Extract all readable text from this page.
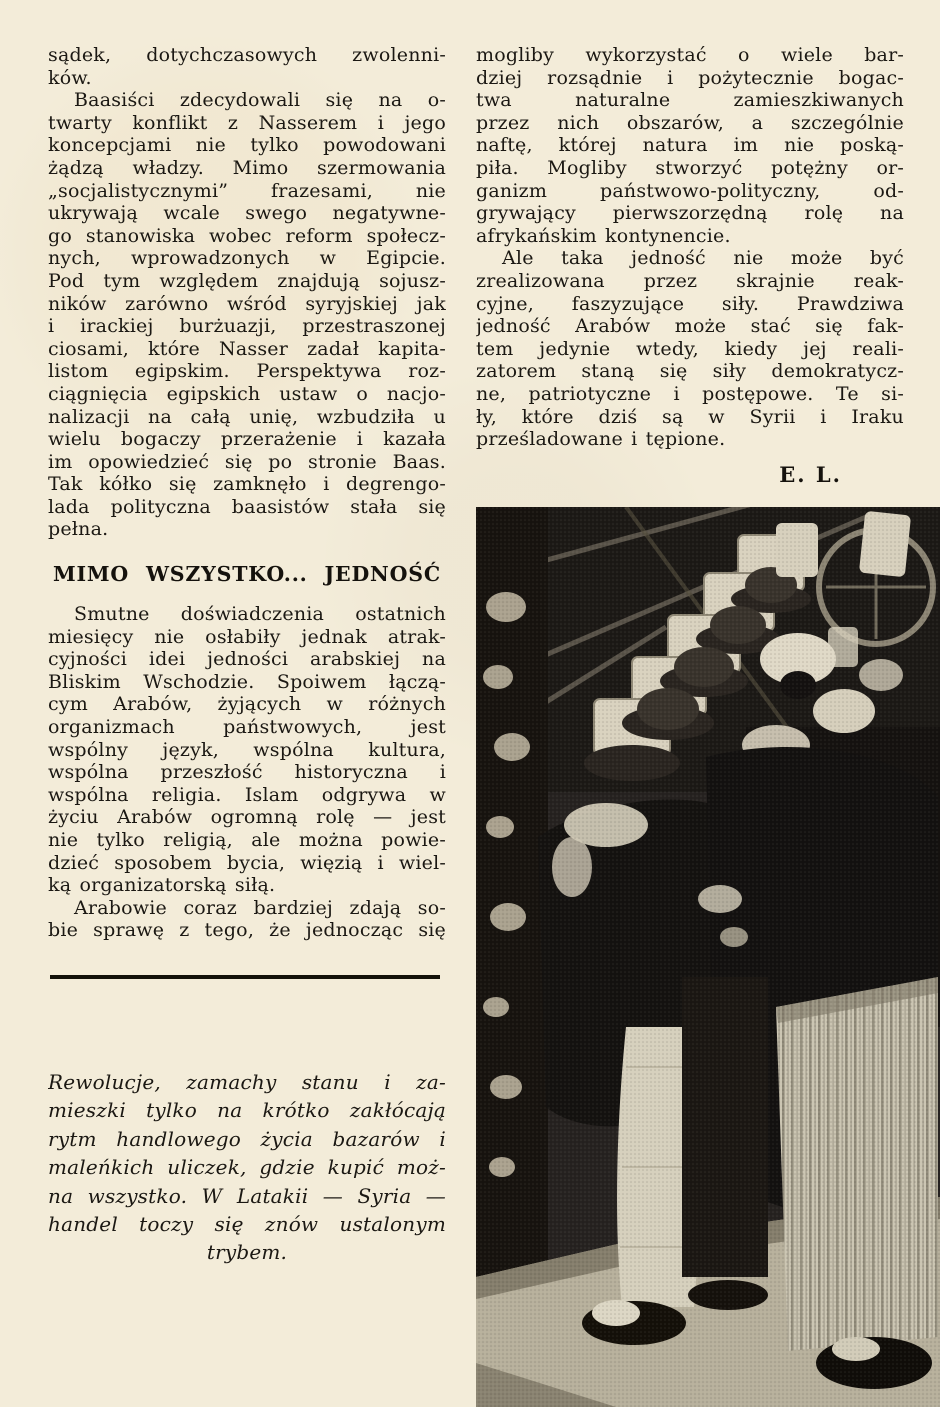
sądek, dotychczasowych zwolenni-
ków.
Baasiści zdecydowali się na o-
twarty konflikt z Nasserem i jego
koncepcjami nie tylko powodowani
żądzą władzy. Mimo szermowania
„socjalistycznymi” frazesami, nie
ukrywają wcale swego negatywne-
go stanowiska wobec reform społecz-
nych, wprowadzonych w Egipcie.
Pod tym względem znajdują sojusz-
ników zarówno wśród syryjskiej jak
i irackiej burżuazji, przestraszonej
ciosami, które Nasser zadał kapita-
listom egipskim. Perspektywa roz-
ciągnięcia egipskich ustaw o nacjo-
nalizacji na całą unię, wzbudziła u
wielu bogaczy przerażenie i kazała
im opowiedzieć się po stronie Baas.
Tak kółko się zamknęło i degrengo-
lada polityczna baasistów stała się
pełna.
MIMO WSZYSTKO... JEDNOŚĆ
Smutne doświadczenia ostatnich
miesięcy nie osłabiły jednak atrak-
cyjności idei jedności arabskiej na
Bliskim Wschodzie. Spoiwem łączą-
cym Arabów, żyjących w różnych
organizmach państwowych, jest
wspólny język, wspólna kultura,
wspólna przeszłość historyczna i
wspólna religia. Islam odgrywa w
życiu Arabów ogromną rolę — jest
nie tylko religią, ale można powie-
dzieć sposobem bycia, więzią i wiel-
ką organizatorską siłą.
Arabowie coraz bardziej zdają so-
bie sprawę z tego, że jednocząc się
mogliby wykorzystać o wiele bar-
dziej rozsądnie i pożytecznie bogac-
twa naturalne zamieszkiwanych
przez nich obszarów, a szczególnie
naftę, której natura im nie poską-
piła. Mogliby stworzyć potężny or-
ganizm państwowo-polityczny, od-
grywający pierwszorzędną rolę na
afrykańskim kontynencie.
Ale taka jedność nie może być
zrealizowana przez skrajnie reak-
cyjne, faszyzujące siły. Prawdziwa
jedność Arabów może stać się fak-
tem jedynie wtedy, kiedy jej reali-
zatorem staną się siły demokratycz-
ne, patriotyczne i postępowe. Te si-
ły, które dziś są w Syrii i Iraku
prześladowane i tępione.
E. L.
Rewolucje, zamachy stanu i za-
mieszki tylko na krótko zakłócają
rytm handlowego życia bazarów i
maleńkich uliczek, gdzie kupić moż-
na wszystko. W Latakii — Syria —
handel toczy się znów ustalonym
trybem.
